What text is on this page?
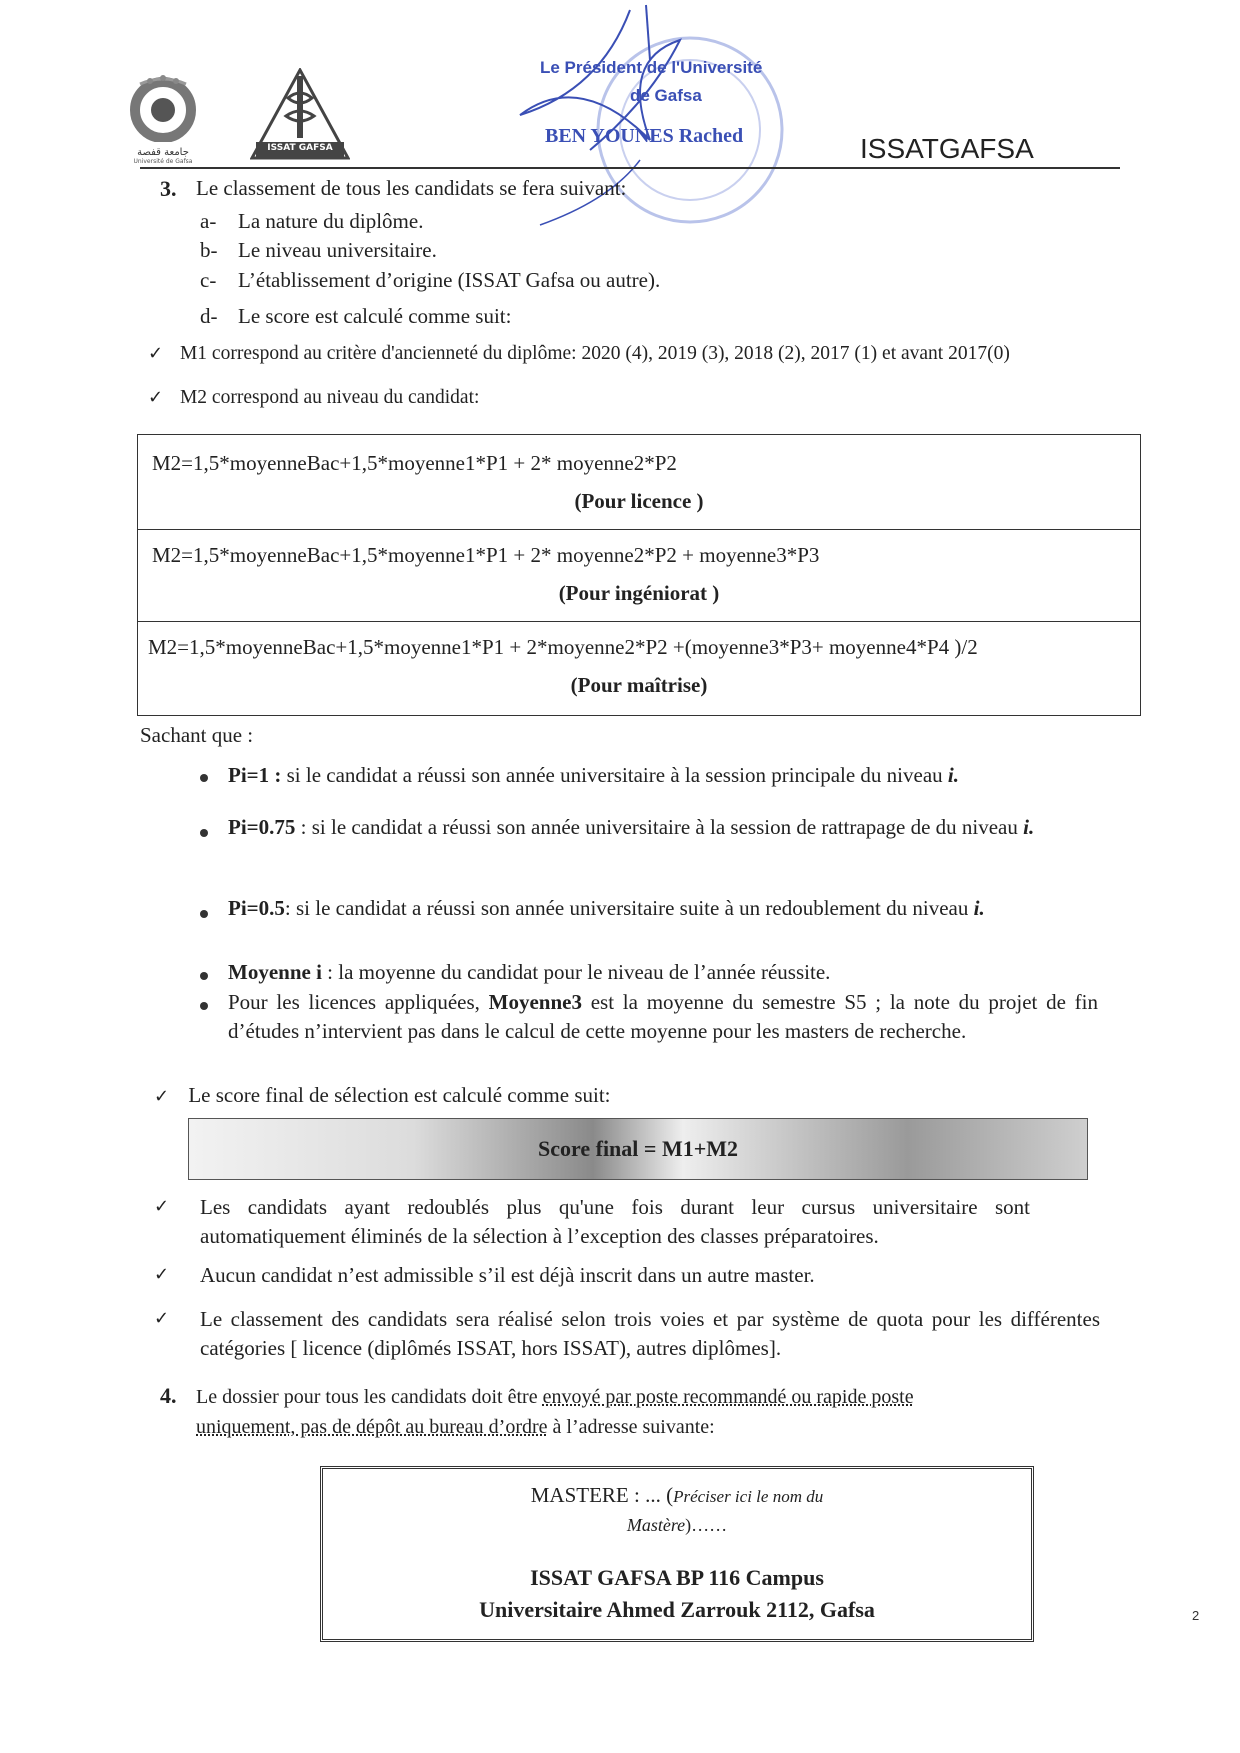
جامعة قفصة
Université de Gafsa
ISSAT GAFSA
Le Président de l'Université
de Gafsa
BEN YOUNES Rached	ISSATGAFSA
3. Le classement de tous les candidats se fera suivant:
a- La nature du diplôme.
b- Le niveau universitaire.
c- L’établissement d’origine (ISSAT Gafsa ou autre).
d- Le score est calculé comme suit:
✓ M1 correspond au critère d'ancienneté du diplôme: 2020 (4), 2019 (3), 2018 (2), 2017 (1) et avant 2017(0)
✓ M2 correspond au niveau du candidat:
M2=1,5*moyenneBac+1,5*moyenne1*P1 + 2* moyenne2*P2
(Pour licence )
M2=1,5*moyenneBac+1,5*moyenne1*P1 + 2* moyenne2*P2 + moyenne3*P3
(Pour ingéniorat )
M2=1,5*moyenneBac+1,5*moyenne1*P1 + 2*moyenne2*P2 +(moyenne3*P3+ moyenne4*P4 )/2
(Pour maîtrise)
Sachant que :
Pi=1 : si le candidat a réussi son année universitaire à la session principale du niveau i.
Pi=0.75 : si le candidat a réussi son année universitaire à la session de rattrapage de du niveau i.
Pi=0.5: si le candidat a réussi son année universitaire suite à un redoublement du niveau i.
Moyenne i : la moyenne du candidat pour le niveau de l’année réussite.
Pour les licences appliquées, Moyenne3 est la moyenne du semestre S5 ; la note du projet de fin d’études n’intervient pas dans le calcul de cette moyenne pour les masters de recherche.
✓ Le score final de sélection est calculé comme suit:
Score final = M1+M2
✓ Les candidats ayant redoublés plus qu'une fois durant leur cursus universitaire sont automatiquement éliminés de la sélection à l’exception des classes préparatoires.
✓ Aucun candidat n’est admissible s’il est déjà inscrit dans un autre master.
✓ Le classement des candidats sera réalisé selon trois voies et par système de quota pour les différentes catégories [ licence (diplômés ISSAT, hors ISSAT), autres diplômes].
4. Le dossier pour tous les candidats doit être envoyé par poste recommandé ou rapide poste
uniquement, pas de dépôt au bureau d’ordre à l’adresse suivante:
MASTERE : ... (Préciser ici le nom du
Mastère)……
ISSAT GAFSA BP 116 Campus
Universitaire Ahmed Zarrouk 2112, Gafsa	2
